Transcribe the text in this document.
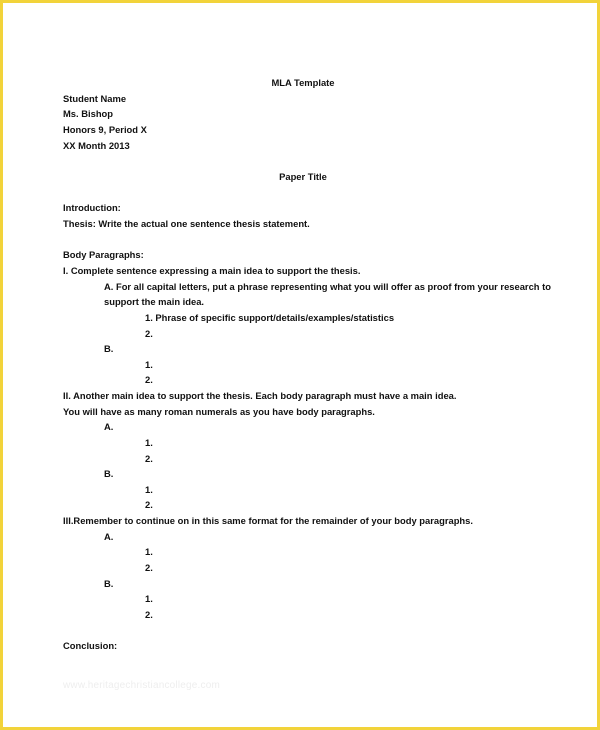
MLA Template
Student Name
Ms. Bishop
Honors 9, Period X
XX Month 2013
Paper Title
Introduction:
Thesis: Write the actual one sentence thesis statement.
Body Paragraphs:
I. Complete sentence expressing a main idea to support the thesis.
A. For all capital letters, put a phrase representing what you will offer as proof from your research to
support the main idea.
1. Phrase of specific support/details/examples/statistics
2.
B.
1.
2.
II. Another main idea to support the thesis. Each body paragraph must have a main idea.
You will have as many roman numerals as you have body paragraphs.
A.
1.
2.
B.
1.
2.
III.Remember to continue on in this same format for the remainder of your body paragraphs.
A.
1.
2.
B.
1.
2.
Conclusion:
www.heritagechristiancollege.com
